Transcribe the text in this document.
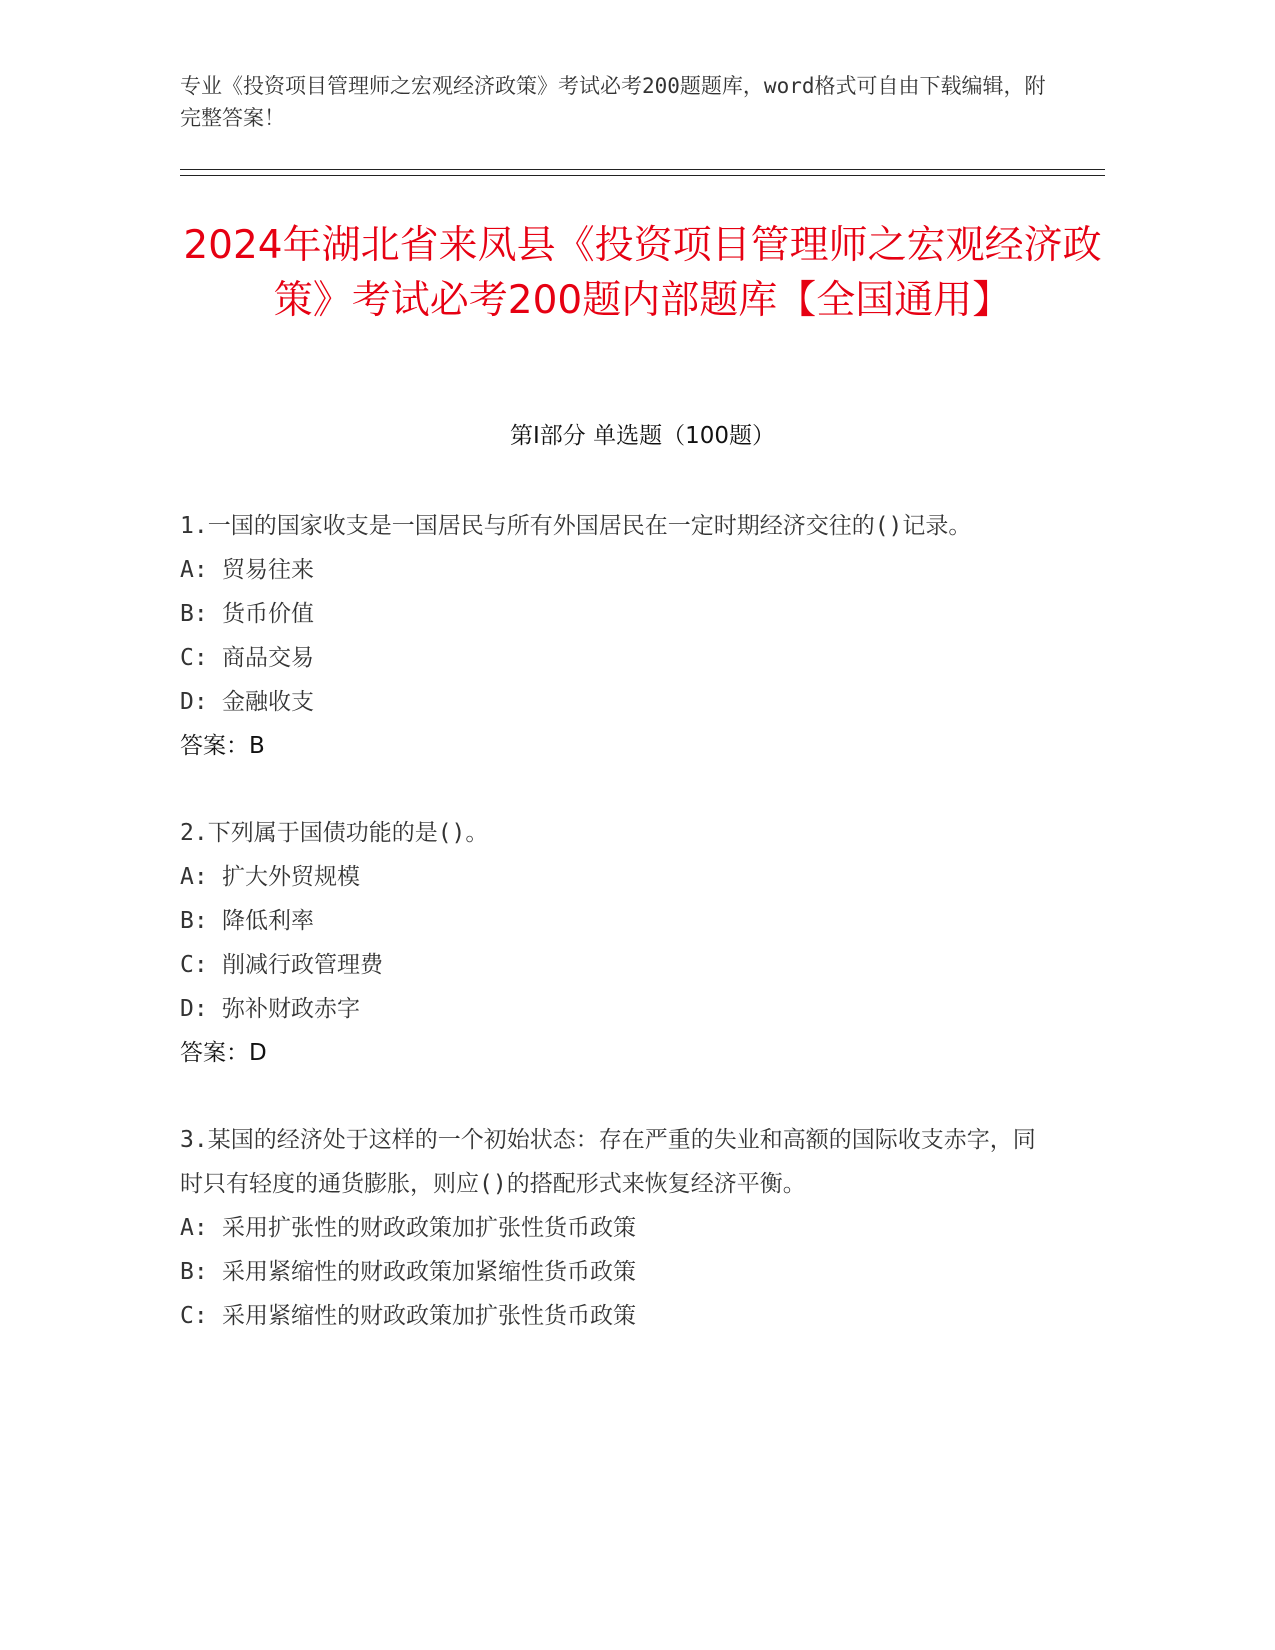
专业《投资项目管理师之宏观经济政策》考试必考200题题库，word格式可自由下载编辑，附完整答案！
2024年湖北省来凤县《投资项目管理师之宏观经济政策》考试必考200题内部题库【全国通用】
第Ⅰ部分 单选题（100题）

1.一国的国家收支是一国居民与所有外国居民在一定时期经济交往的()记录。

A: 贸易往来

B: 货币价值

C: 商品交易

D: 金融收支

答案：B

2.下列属于国债功能的是()。

A: 扩大外贸规模

B: 降低利率

C: 削减行政管理费

D: 弥补财政赤字

答案：D

3.某国的经济处于这样的一个初始状态：存在严重的失业和高额的国际收支赤字，同时只有轻度的通货膨胀，则应()的搭配形式来恢复经济平衡。

A: 采用扩张性的财政政策加扩张性货币政策

B: 采用紧缩性的财政政策加紧缩性货币政策

C: 采用紧缩性的财政政策加扩张性货币政策
